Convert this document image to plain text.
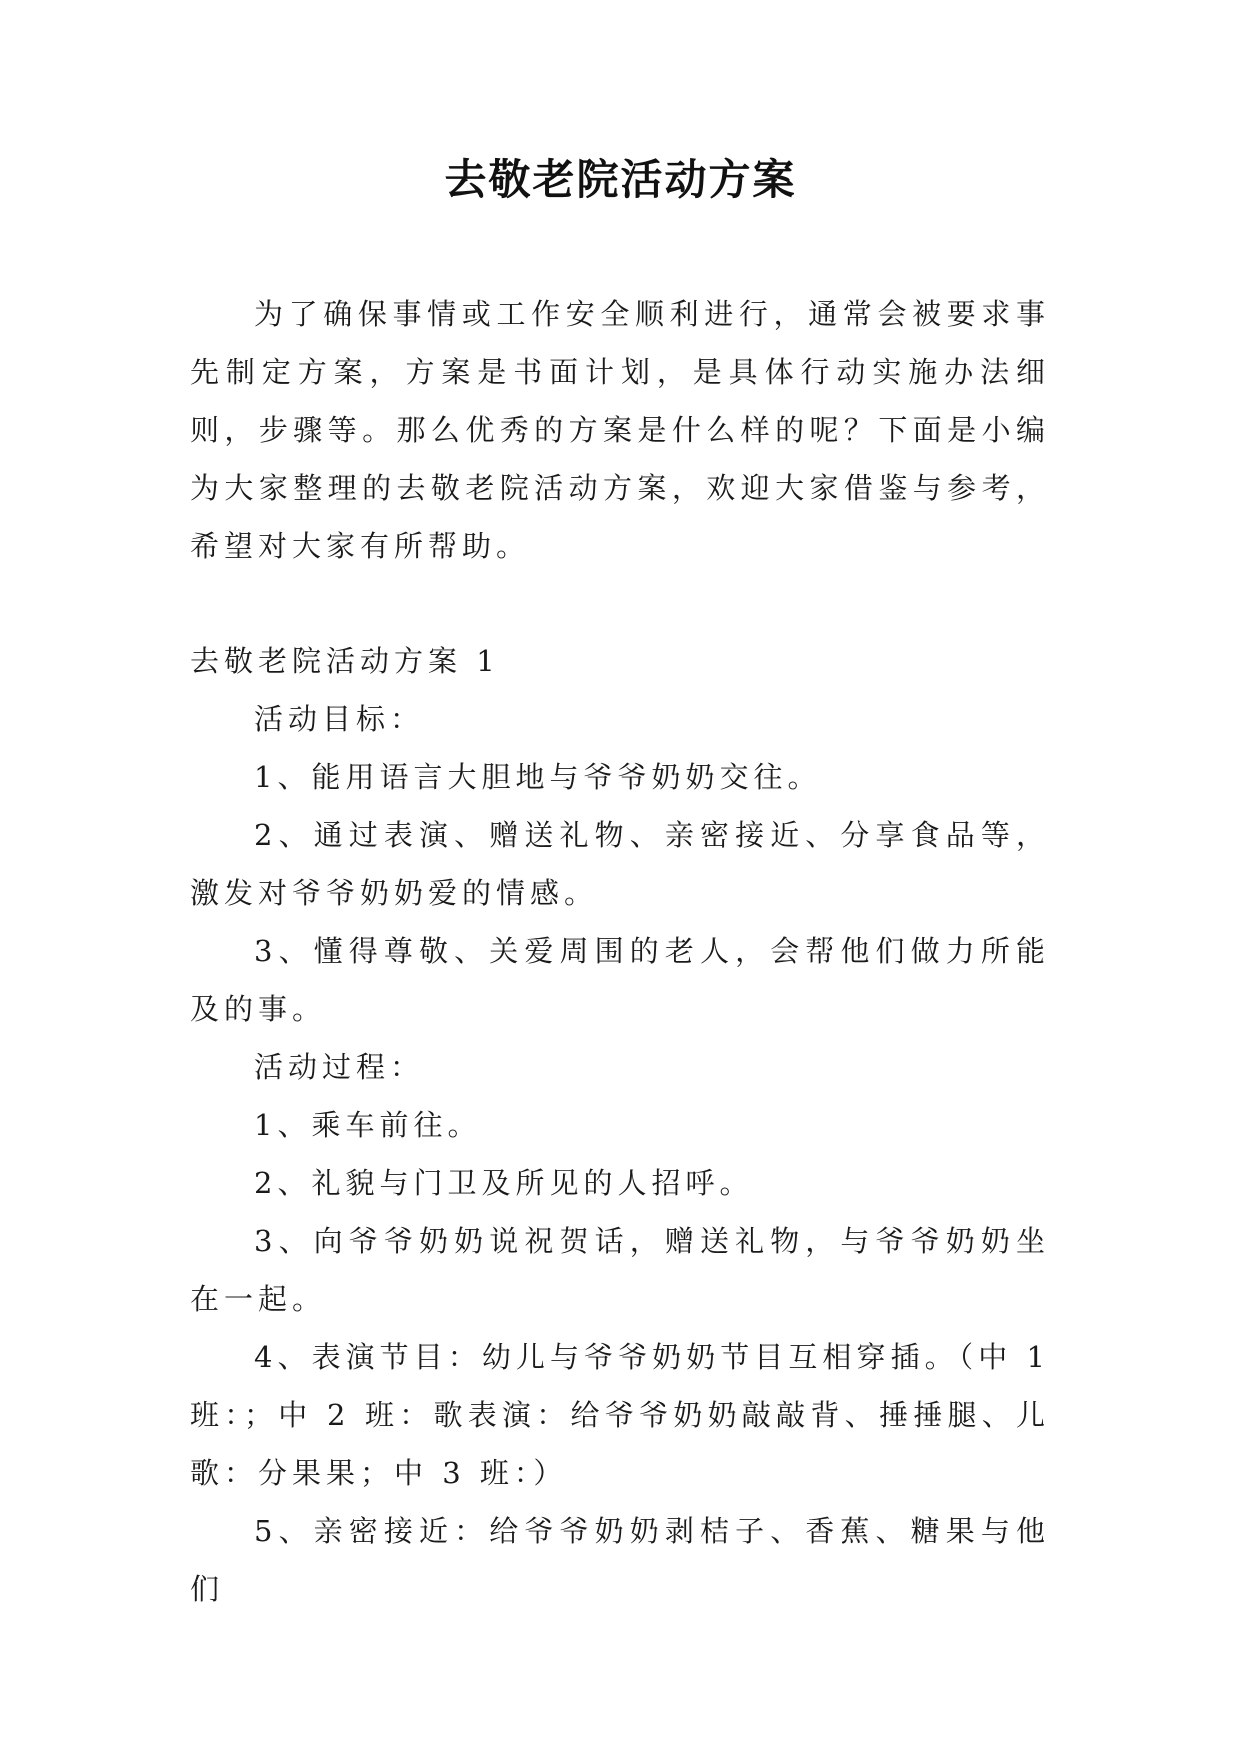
去敬老院活动方案

为了确保事情或工作安全顺利进行，通常会被要求事先制定方案，方案是书面计划，是具体行动实施办法细则，步骤等。那么优秀的方案是什么样的呢？下面是小编为大家整理的去敬老院活动方案，欢迎大家借鉴与参考，希望对大家有所帮助。

去敬老院活动方案 1

活动目标：

1、能用语言大胆地与爷爷奶奶交往。

2、通过表演、赠送礼物、亲密接近、分享食品等，激发对爷爷奶奶爱的情感。

3、懂得尊敬、关爱周围的老人，会帮他们做力所能及的事。

活动过程：

1、乘车前往。

2、礼貌与门卫及所见的人招呼。

3、向爷爷奶奶说祝贺话，赠送礼物，与爷爷奶奶坐在一起。

4、表演节目：幼儿与爷爷奶奶节目互相穿插。（中 1 班：；中 2 班：歌表演：给爷爷奶奶敲敲背、捶捶腿、儿歌：分果果；中 3 班：）

5、亲密接近：给爷爷奶奶剥桔子、香蕉、糖果与他们
